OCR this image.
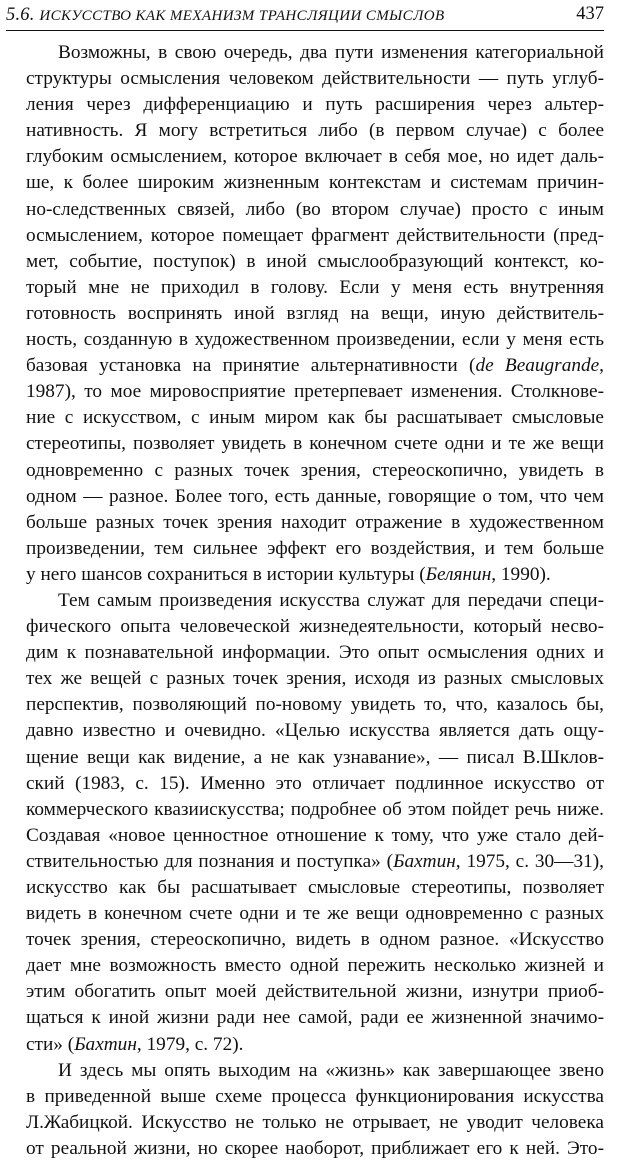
5.6. ИСКУССТВО КАК МЕХАНИЗМ ТРАНСЛЯЦИИ СМЫСЛОВ	437
Возможны, в свою очередь, два пути изменения категориальной
структуры осмысления человеком действительности — путь углуб-
ления через дифференциацию и путь расширения через альтер-
нативность. Я могу встретиться либо (в первом случае) с более
глубоким осмыслением, которое включает в себя мое, но идет даль-
ше, к более широким жизненным контекстам и системам причин-
но-следственных связей, либо (во втором случае) просто с иным
осмыслением, которое помещает фрагмент действительности (пред-
мет, событие, поступок) в иной смыслообразующий контекст, ко-
торый мне не приходил в голову. Если у меня есть внутренняя
готовность воспринять иной взгляд на вещи, иную действитель-
ность, созданную в художественном произведении, если у меня есть
базовая установка на принятие альтернативности (de Beaugrande,
1987), то мое мировосприятие претерпевает изменения. Столкнове-
ние с искусством, с иным миром как бы расшатывает смысловые
стереотипы, позволяет увидеть в конечном счете одни и те же вещи
одновременно с разных точек зрения, стереоскопично, увидеть в
одном — разное. Более того, есть данные, говорящие о том, что чем
больше разных точек зрения находит отражение в художественном
произведении, тем сильнее эффект его воздействия, и тем больше
у него шансов сохраниться в истории культуры (Белянин, 1990).
Тем самым произведения искусства служат для передачи специ-
фического опыта человеческой жизнедеятельности, который несво-
дим к познавательной информации. Это опыт осмысления одних и
тех же вещей с разных точек зрения, исходя из разных смысловых
перспектив, позволяющий по-новому увидеть то, что, казалось бы,
давно известно и очевидно. «Целью искусства является дать ощу-
щение вещи как видение, а не как узнавание», — писал В.Шклов-
ский (1983, с. 15). Именно это отличает подлинное искусство от
коммерческого квазиискусства; подробнее об этом пойдет речь ниже.
Создавая «новое ценностное отношение к тому, что уже стало дей-
ствительностью для познания и поступка» (Бахтин, 1975, с. 30—31),
искусство как бы расшатывает смысловые стереотипы, позволяет
видеть в конечном счете одни и те же вещи одновременно с разных
точек зрения, стереоскопично, видеть в одном разное. «Искусство
дает мне возможность вместо одной пережить несколько жизней и
этим обогатить опыт моей действительной жизни, изнутри приоб-
щаться к иной жизни ради нее самой, ради ее жизненной значимо-
сти» (Бахтин, 1979, с. 72).
И здесь мы опять выходим на «жизнь» как завершающее звено
в приведенной выше схеме процесса функционирования искусства
Л.Жабицкой. Искусство не только не отрывает, не уводит человека
от реальной жизни, но скорее наоборот, приближает его к ней. Это-
